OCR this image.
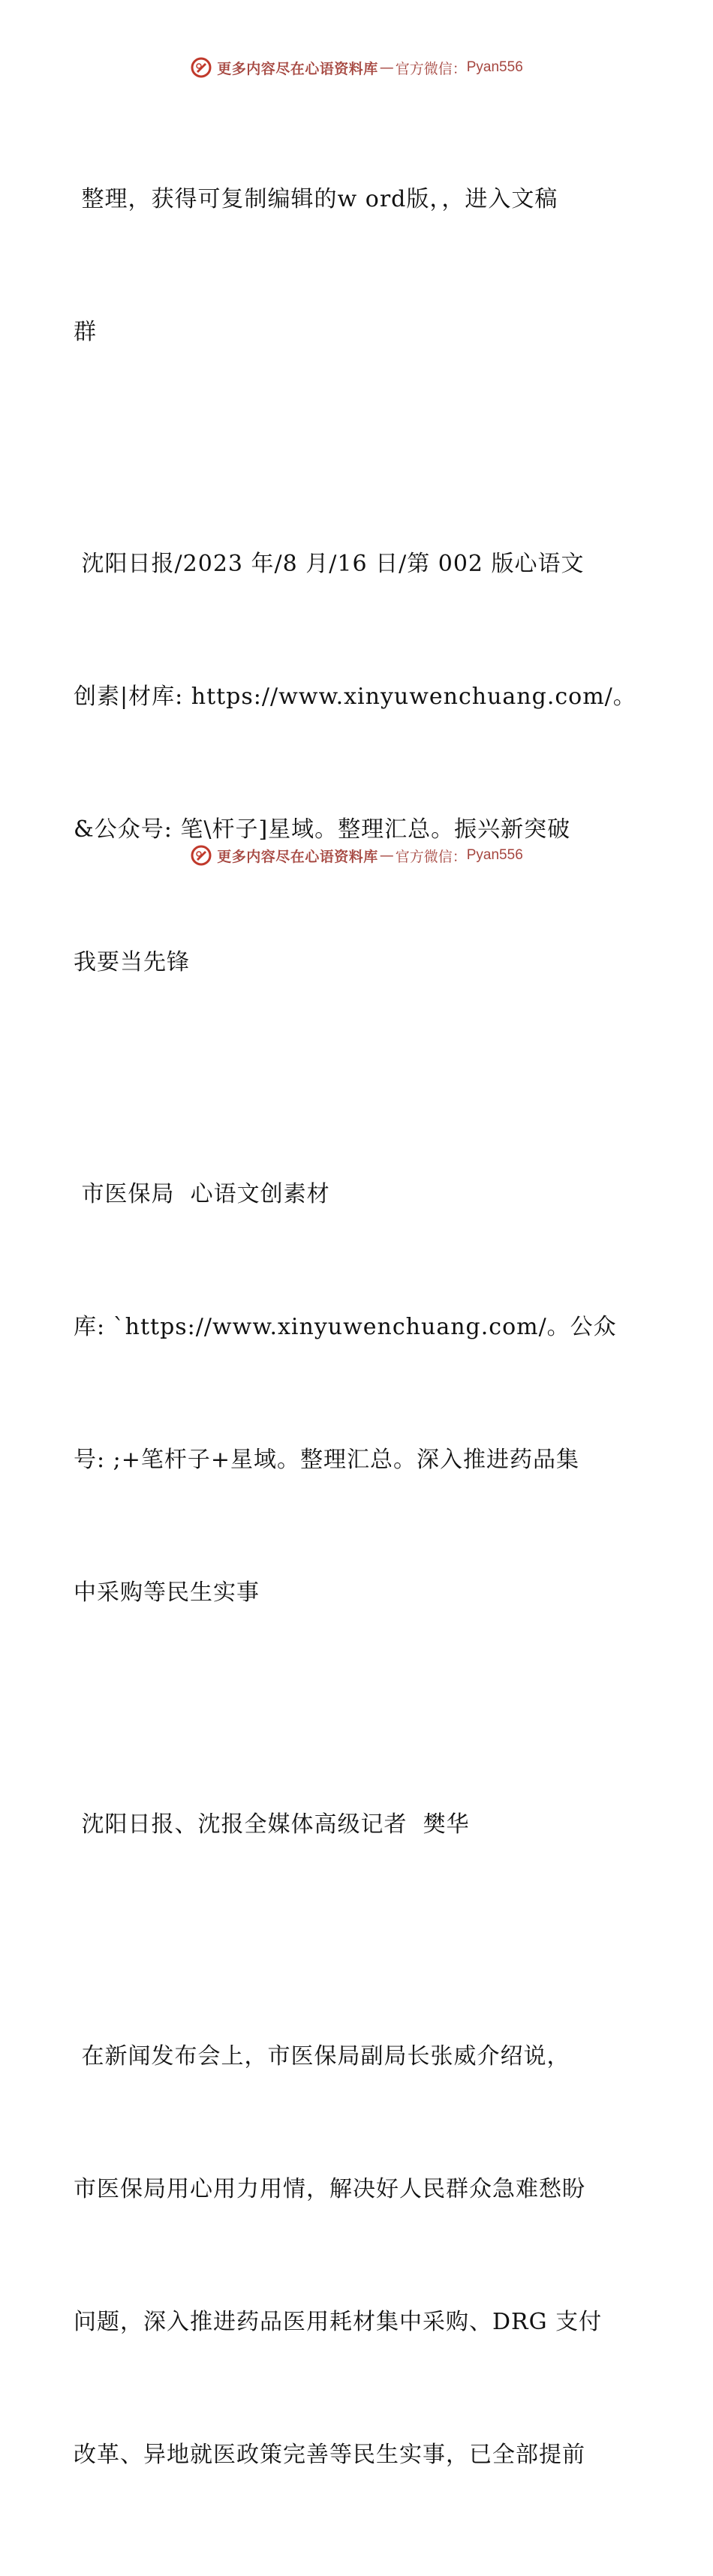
更多内容尽在心语资料库 — 官方微信： Pyan556

整理，获得可复制编辑的w ord版，，进入文稿

群

沈阳日报/2023 年/8 月/16 日/第 002 版心语文

创素|材库: https://www.xinyuwenchuang.com/。

&公众号: 笔\杆子]星域。整理汇总。振兴新突破

我要当先锋

市医保局  心语文创素材

库: `https://www.xinyuwenchuang.com/。公众

号: ;+笔杆子+星域。整理汇总。深入推进药品集

中采购等民生实事

沈阳日报、沈报全媒体高级记者  樊华

在新闻发布会上，市医保局副局长张威介绍说，

市医保局用心用力用情，解决好人民群众急难愁盼

问题，深入推进药品医用耗材集中采购、DRG 支付

改革、异地就医政策完善等民生实事，已全部提前

更多内容尽在心语资料库 — 官方微信： Pyan556
